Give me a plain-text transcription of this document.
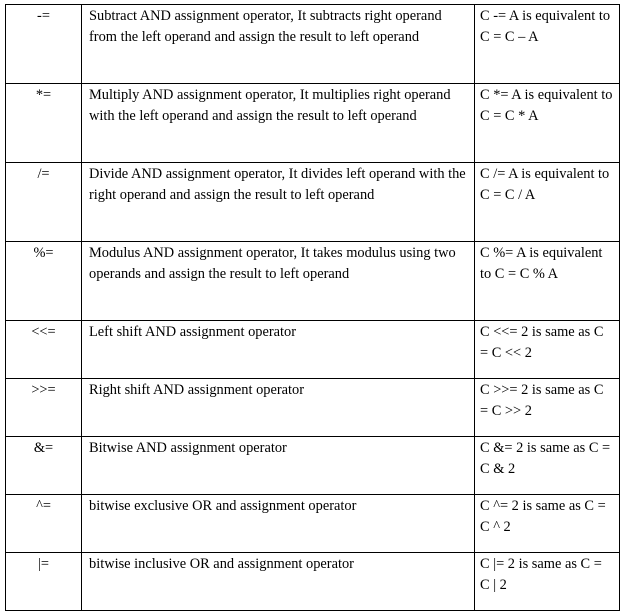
-=	Subtract AND assignment operator, It subtracts right operand from the left operand and assign the result to left operand	C -= A is equivalent to C = C – A
*=	Multiply AND assignment operator, It multiplies right operand with the left operand and assign the result to left operand	C *= A is equivalent to C = C * A
/=	Divide AND assignment operator, It divides left operand with the right operand and assign the result to left operand	C /= A is equivalent to C = C / A
%=	Modulus AND assignment operator, It takes modulus using two operands and assign the result to left operand	C %= A is equivalent to C = C % A
<<=	Left shift AND assignment operator	C <<= 2 is same as C = C << 2
>>=	Right shift AND assignment operator	C >>= 2 is same as C = C >> 2
&=	Bitwise AND assignment operator	C &= 2 is same as C = C & 2
^=	bitwise exclusive OR and assignment operator	C ^= 2 is same as C = C ^ 2
|=	bitwise inclusive OR and assignment operator	C |= 2 is same as C = C | 2
